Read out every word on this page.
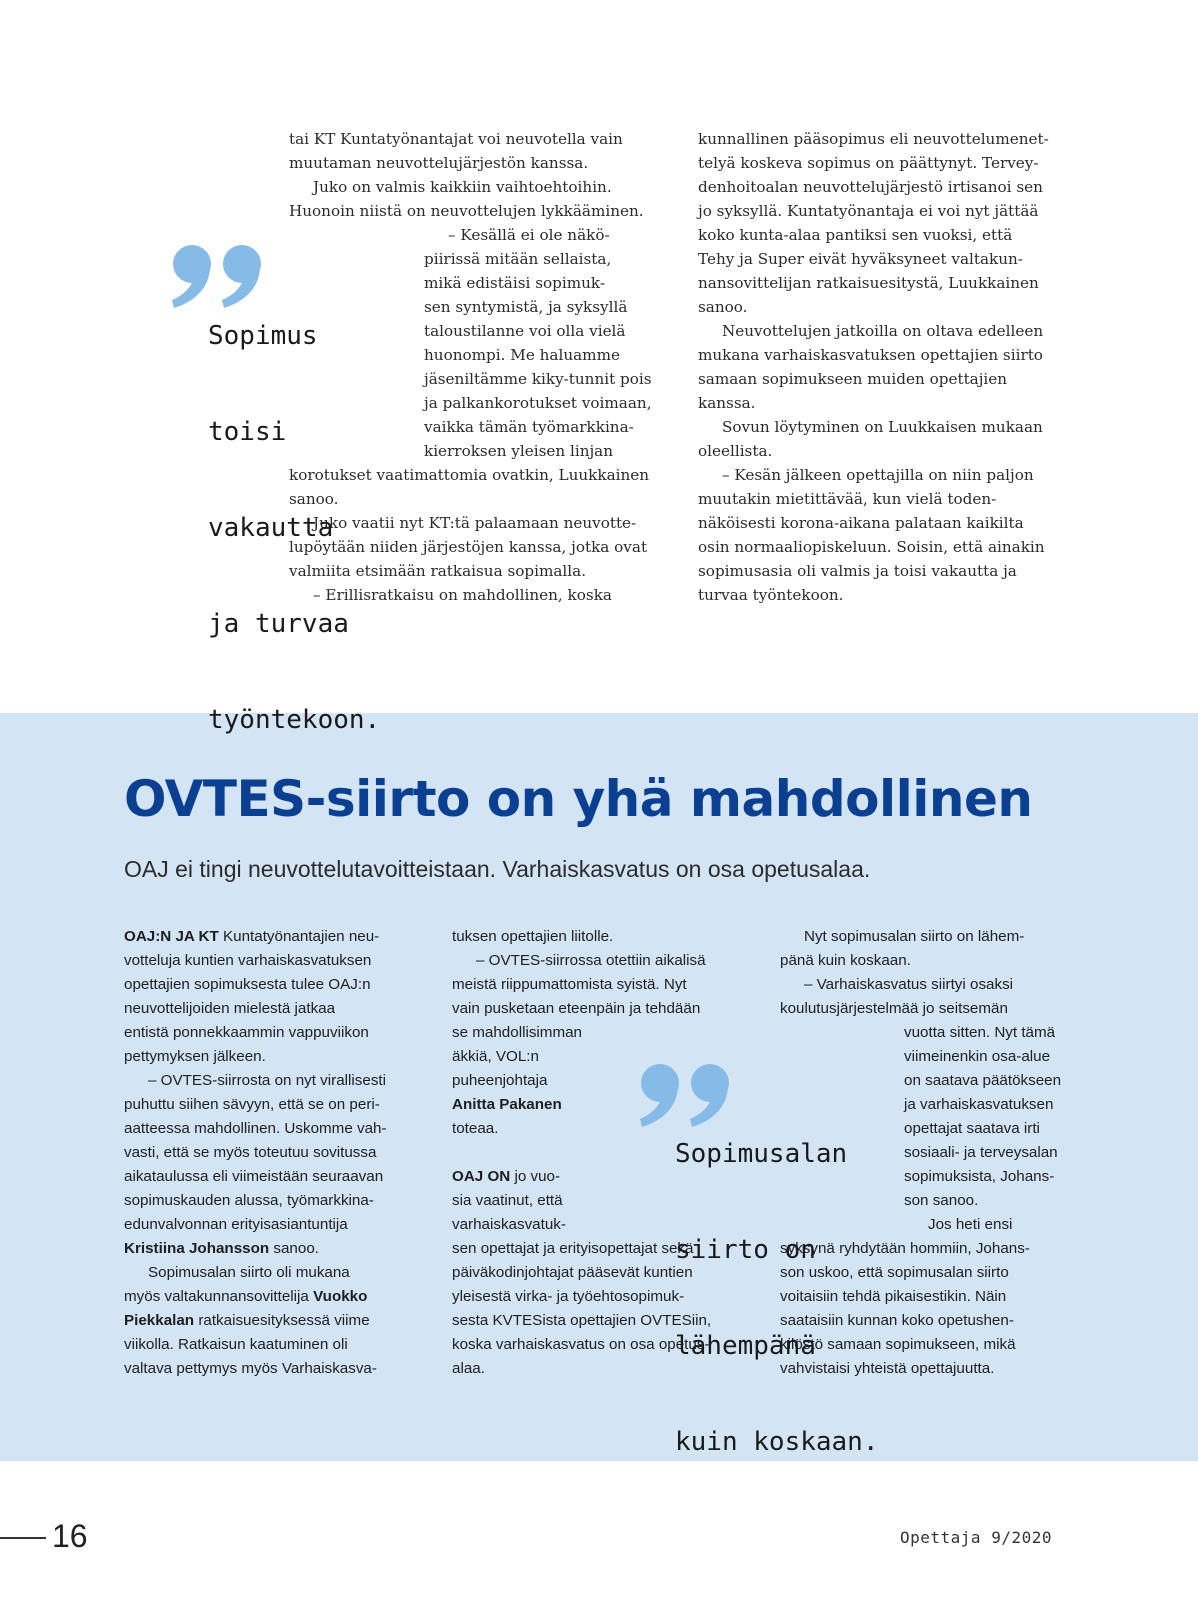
tai KT Kuntatyönantajat voi neuvotella vain
muutaman neuvottelujärjestön kanssa.
Juko on valmis kaikkiin vaihtoehtoihin.
Huonoin niistä on neuvottelujen lykkääminen.
– Kesällä ei ole näkö-
piirissä mitään sellaista,
mikä edistäisi sopimuk-
sen syntymistä, ja syksyllä
taloustilanne voi olla vielä
huonompi. Me haluamme
jäseniltämme kiky-tunnit pois
ja palkankorotukset voimaan,
vaikka tämän työmarkkina-
kierroksen yleisen linjan
korotukset vaatimattomia ovatkin, Luukkainen
sanoo.
Juko vaatii nyt KT:tä palaamaan neuvotte-
lupöytään niiden järjestöjen kanssa, jotka ovat
valmiita etsimään ratkaisua sopimalla.
– Erillisratkaisu on mahdollinen, koska

Sopimus

toisi

vakautta

ja turvaa

työntekoon.

kunnallinen pääsopimus eli neuvottelumenet-
telyä koskeva sopimus on päättynyt. Tervey-
denhoitoalan neuvottelujärjestö irtisanoi sen
jo syksyllä. Kuntatyönantaja ei voi nyt jättää
koko kunta-alaa pantiksi sen vuoksi, että
Tehy ja Super eivät hyväksyneet valtakun-
nansovittelijan ratkaisuesitystä, Luukkainen
sanoo.
Neuvottelujen jatkoilla on oltava edelleen
mukana varhaiskasvatuksen opettajien siirto
samaan sopimukseen muiden opettajien
kanssa.
Sovun löytyminen on Luukkaisen mukaan
oleellista.
– Kesän jälkeen opettajilla on niin paljon
muutakin mietittävää, kun vielä toden-
näköisesti korona-aikana palataan kaikilta
osin normaaliopiskeluun. Soisin, että ainakin
sopimusasia oli valmis ja toisi vakautta ja
turvaa työntekoon.
OVTES-siirto on yhä mahdollinen
OAJ ei tingi neuvottelutavoitteistaan. Varhaiskasvatus on osa opetusalaa.
OAJ:N JA KT Kuntatyönantajien neu-
votteluja kuntien varhaiskasvatuksen
opettajien sopimuksesta tulee OAJ:n
neuvottelijoiden mielestä jatkaa
entistä ponnekkaammin vappuviikon
pettymyksen jälkeen.
– OVTES-siirrosta on nyt virallisesti
puhuttu siihen sävyyn, että se on peri-
aatteessa mahdollinen. Uskomme vah-
vasti, että se myös toteutuu sovitussa
aikataulussa eli viimeistään seuraavan
sopimuskauden alussa, työmarkkina-
edunvalvonnan erityisasiantuntija
Kristiina Johansson sanoo.
Sopimusalan siirto oli mukana
myös valtakunnansovittelija Vuokko
Piekkalan ratkaisuesityksessä viime
viikolla. Ratkaisun kaatuminen oli
valtava pettymys myös Varhaiskasva-
tuksen opettajien liitolle.
– OVTES-siirrossa otettiin aikalisä
meistä riippumattomista syistä. Nyt
vain pusketaan eteenpäin ja tehdään
se mahdollisimman
äkkiä, VOL:n
puheenjohtaja
Anitta Pakanen
toteaa.
OAJ ON jo vuo-
sia vaatinut, että
varhaiskasvatuk-
sen opettajat ja erityisopettajat sekä
päiväkodinjohtajat pääsevät kuntien
yleisestä virka- ja työehtosopimuk-
sesta KVTESista opettajien OVTESiin,
koska varhaiskasvatus on osa opetus-
alaa.

Sopimusalan

siirto on

lähempänä

kuin koskaan.

Nyt sopimusalan siirto on lähem-
pänä kuin koskaan.
– Varhaiskasvatus siirtyi osaksi
koulutusjärjestelmää jo seitsemän
vuotta sitten. Nyt tämä
viimeinenkin osa-alue
on saatava päätökseen
ja varhaiskasvatuksen
opettajat saatava irti
sosiaali- ja terveysalan
sopimuksista, Johans-
son sanoo.
Jos heti ensi
syksynä ryhdytään hommiin, Johans-
son uskoo, että sopimusalan siirto
voitaisiin tehdä pikaisestikin. Näin
saataisiin kunnan koko opetushen-
kilöstö samaan sopimukseen, mikä
vahvistaisi yhteistä opettajuutta.
16	Opettaja 9/2020
